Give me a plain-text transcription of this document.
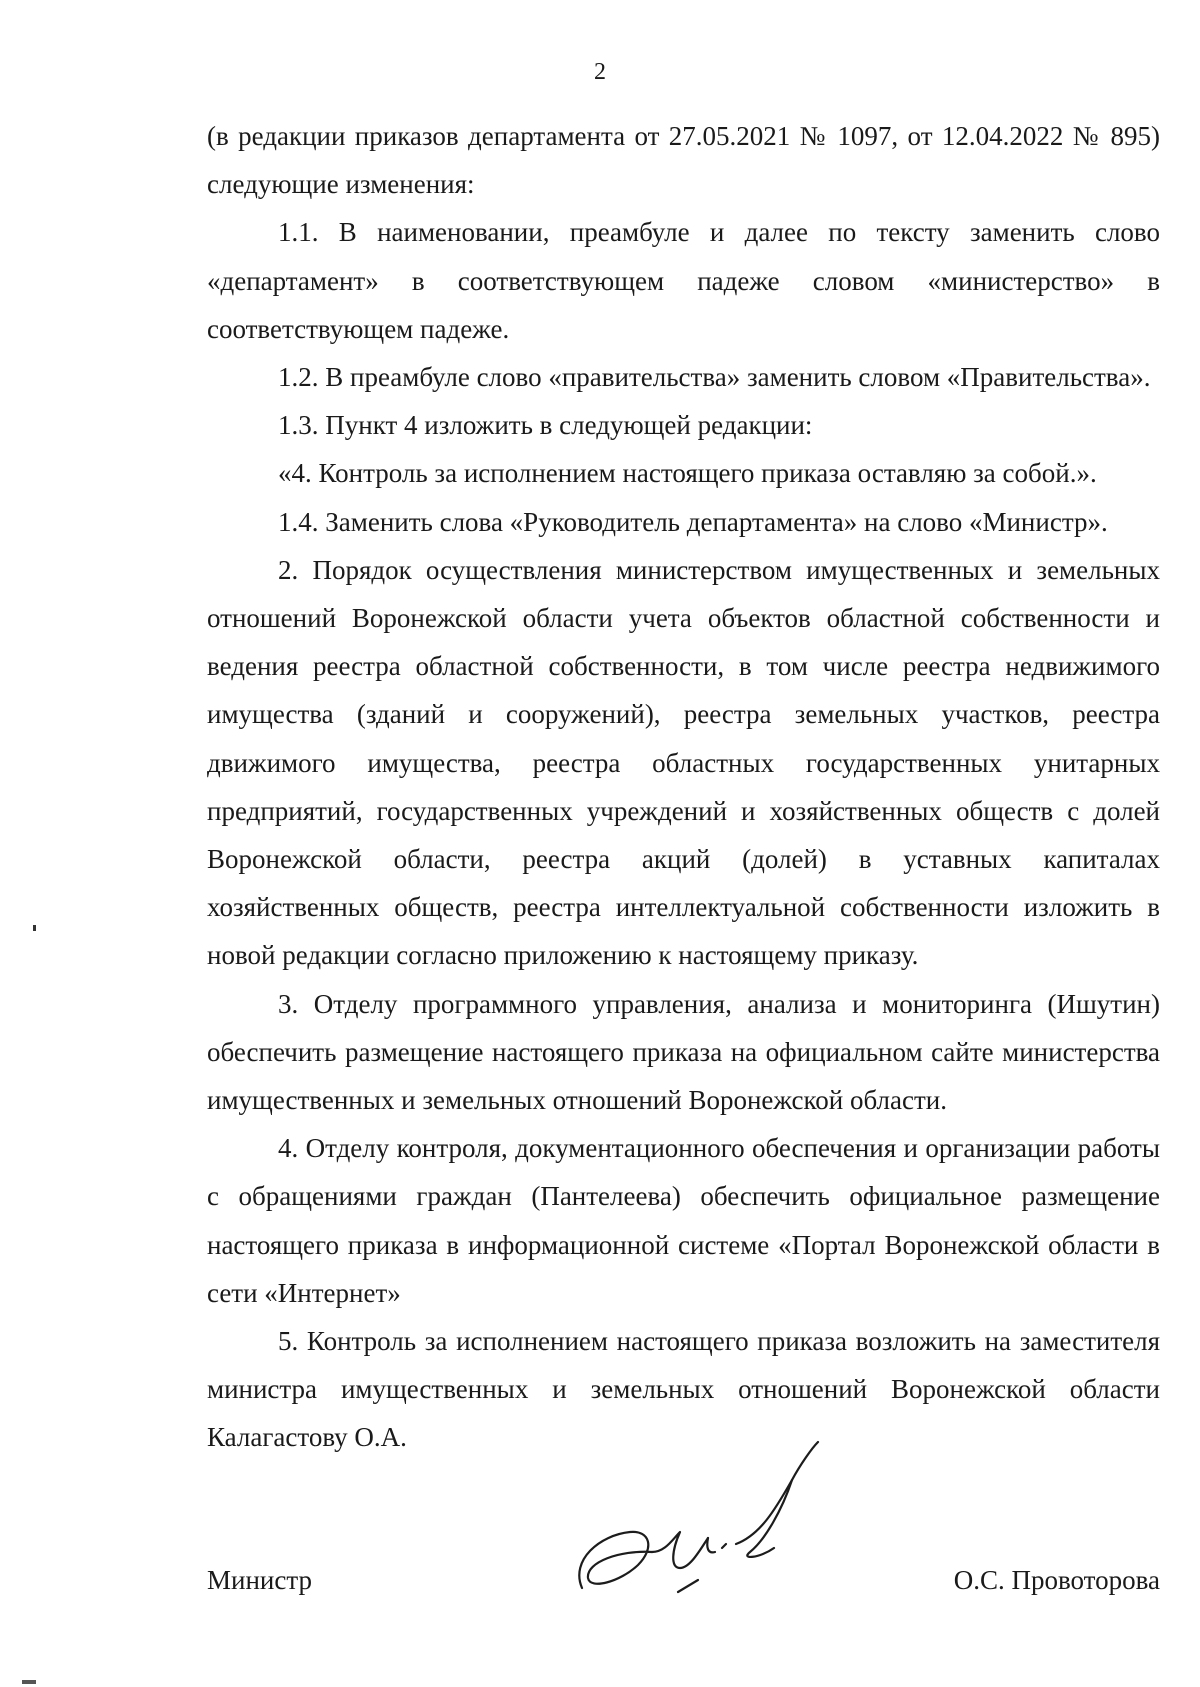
2

(в редакции приказов департамента от 27.05.2021 № 1097, от 12.04.2022 № 895) следующие изменения:

1.1. В наименовании, преамбуле и далее по тексту заменить слово «департамент» в соответствующем падеже словом «министерство» в соответствующем падеже.

1.2. В преамбуле слово «правительства» заменить словом «Правительства».

1.3. Пункт 4 изложить в следующей редакции:

«4. Контроль за исполнением настоящего приказа оставляю за собой.».

1.4. Заменить слова «Руководитель департамента» на слово «Министр».

2. Порядок осуществления министерством имущественных и земельных отношений Воронежской области учета объектов областной собственности и ведения реестра областной собственности, в том числе реестра недвижимого имущества (зданий и сооружений), реестра земельных участков, реестра движимого имущества, реестра областных государственных унитарных предприятий, государственных учреждений и хозяйственных обществ с долей Воронежской области, реестра акций (долей) в уставных капиталах хозяйственных обществ, реестра интеллектуальной собственности изложить в новой редакции согласно приложению к настоящему приказу.

3. Отделу программного управления, анализа и мониторинга (Ишутин) обеспечить размещение настоящего приказа на официальном сайте министерства имущественных и земельных отношений Воронежской области.

4. Отделу контроля, документационного обеспечения и организации работы с обращениями граждан (Пантелеева) обеспечить официальное размещение настоящего приказа в информационной системе «Портал Воронежской области в сети «Интернет»

5. Контроль за исполнением настоящего приказа возложить на заместителя министра имущественных и земельных отношений Воронежской области Калагастову О.А.

Министр	О.С. Провоторова
